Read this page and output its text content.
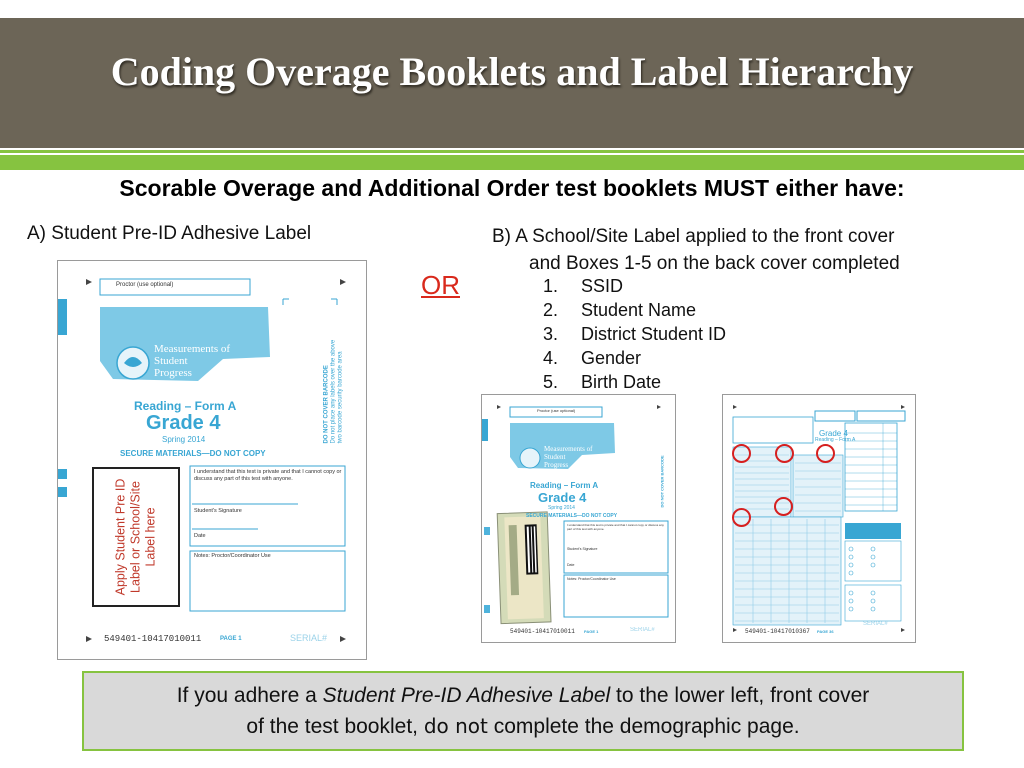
Coding Overage Booklets and Label Hierarchy
Scorable Overage and Additional Order test booklets MUST either have:
A) Student Pre-ID Adhesive Label
OR
B) A School/Site Label applied to the front cover
and Boxes 1-5 on the back cover completed
1. SSID
2. Student Name
3. District Student ID
4. Gender
5. Birth Date
Proctor (use optional)
Measurements of
Student
Progress
Reading – Form A
Grade 4
Spring 2014
SECURE MATERIALS—DO NOT COPY
DO NOT COVER BARCODE Do not place any labels over the above two barcode security barcode area
I understand that this test is private and that I cannot copy or discuss any part of this test with anyone.
Student's Signature
Date
Notes: Proctor/Coordinator Use
549401-10417010011	PAGE 1	SERIAL#
Apply Student Pre ID Label or School/Site Label here
Proctor (use optional)
Measurements of
Student
Progress
Reading – Form A
Grade 4
Spring 2014
SECURE MATERIALS—DO NOT COPY
DO NOT COVER BARCODE
I understand that this test is private and that I cannot copy or discuss any part of this test with anyone.
Student's Signature
Date
Notes: Proctor/Coordinator Use
549401-10417010011 PAGE 1	SERIAL#
Grade 4
Reading – Form A
549401-10417010367 PAGE 36
SERIAL#
If you adhere a Student Pre-ID Adhesive Label to the lower left, front cover
of the test booklet, do not complete the demographic page.
